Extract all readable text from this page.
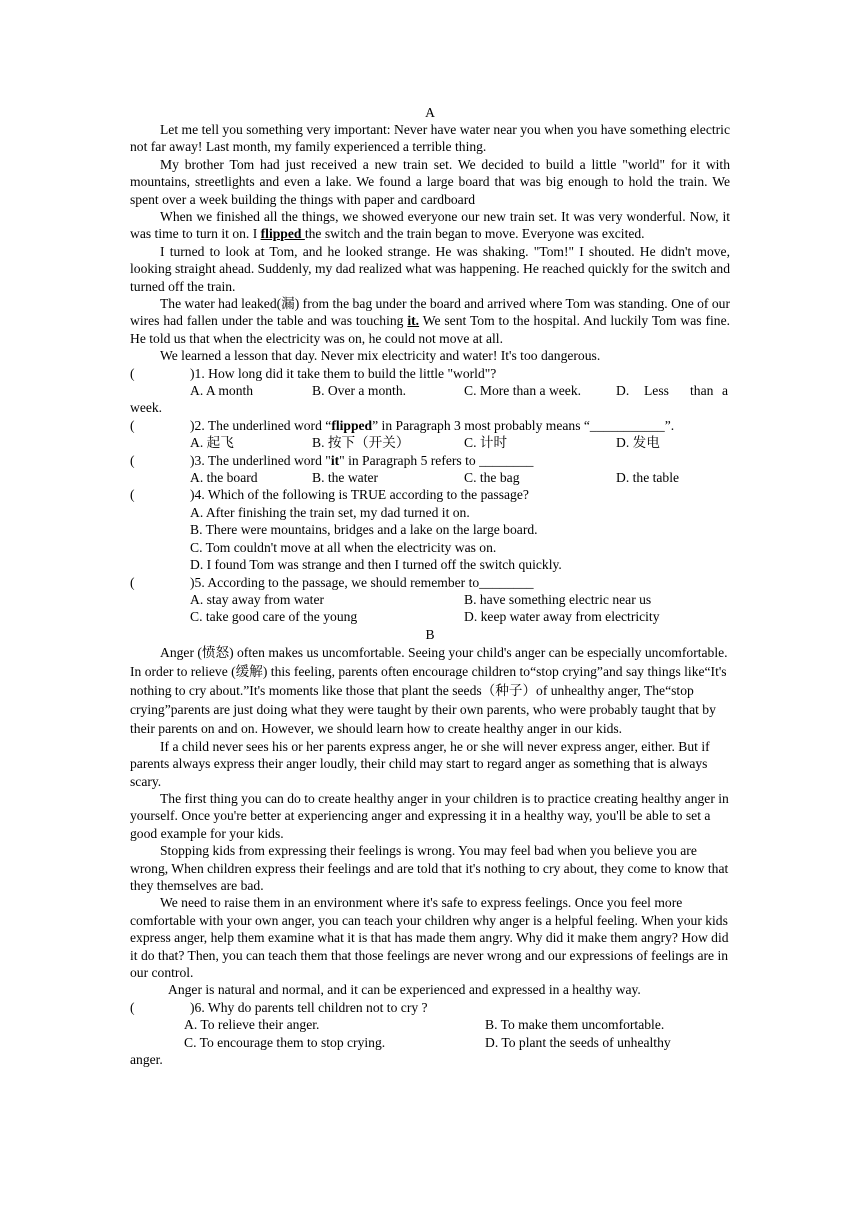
A

Let me tell you something very important: Never have water near you when you have something electric not far away! Last month, my family experienced a terrible thing.

My brother Tom had just received a new train set. We decided to build a little "world" for it with mountains, streetlights and even a lake. We found a large board that was big enough to hold the train. We spent over a week building the things with paper and cardboard

When we finished all the things, we showed everyone our new train set. It was very wonderful. Now, it was time to turn it on. I flipped the switch and the train began to move. Everyone was excited.

I turned to look at Tom, and he looked strange. He was shaking. "Tom!" I shouted. He didn't move, looking straight ahead. Suddenly, my dad realized what was happening. He reached quickly for the switch and turned off the train.

The water had leaked(漏) from the bag under the board and arrived where Tom was standing. One of our wires had fallen under the table and was touching it. We sent Tom to the hospital. And luckily Tom was fine. He told us that when the electricity was on, he could not move at all.

We learned a lesson that day. Never mix electricity and water! It's too dangerous.

(	)1. How long did it take them to build the little "world"?
A. A month	B. Over a month.	C. More than a week.	D. Less than a
week.
(	)2. The underlined word “flipped” in Paragraph 3 most probably means “___________”.
A. 起飞	B. 按下（开关）	C. 计时	D. 发电
(	)3. The underlined word "it" in Paragraph 5 refers to ________
A. the board	B. the water	C. the bag	D. the table
(	)4. Which of the following is TRUE according to the passage?
A. After finishing the train set, my dad turned it on.
B. There were mountains, bridges and a lake on the large board.
C. Tom couldn't move at all when the electricity was on.
D. I found Tom was strange and then I turned off the switch quickly.
(	)5. According to the passage, we should remember to________
A. stay away from water	B. have something electric near us
C. take good care of the young	D. keep water away from electricity
B

Anger (愤怒) often makes us uncomfortable. Seeing your child's anger can be especially uncomfortable. In order to relieve (缓解) this feeling, parents often encourage children to“stop crying”and say things like“It's nothing to cry about.”It's moments like those that plant the seeds（种子）of unhealthy anger, The“stop crying”parents are just doing what they were taught by their own parents, who were probably taught that by their parents on and on. However, we should learn how to create healthy anger in our kids.

If a child never sees his or her parents express anger, he or she will never express anger, either. But if parents always express their anger loudly, their child may start to regard anger as something that is always scary.

The first thing you can do to create healthy anger in your children is to practice creating healthy anger in yourself. Once you're better at experiencing anger and expressing it in a healthy way, you'll be able to set a good example for your kids.

Stopping kids from expressing their feelings is wrong. You may feel bad when you believe you are wrong, When children express their feelings and are told that it's nothing to cry about, they come to know that they themselves are bad.

We need to raise them in an environment where it's safe to express feelings. Once you feel more comfortable with your own anger, you can teach your children why anger is a helpful feeling. When your kids express anger, help them examine what it is that has made them angry. Why did it make them angry? How did it do that? Then, you can teach them that those feelings are never wrong and our expressions of feelings are in our control.

Anger is natural and normal, and it can be experienced and expressed in a healthy way.

(	)6. Why do parents tell children not to cry ?
A. To relieve their anger.	B. To make them uncomfortable.
C. To encourage them to stop crying.	D. To plant the seeds of unhealthy
anger.
